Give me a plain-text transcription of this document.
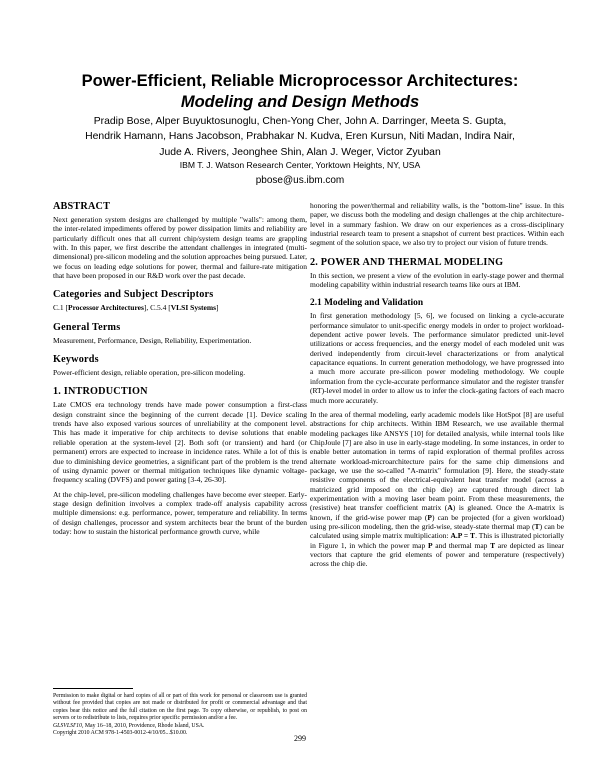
Power-Efficient, Reliable Microprocessor Architectures:
Modeling and Design Methods
Pradip Bose, Alper Buyuktosunoglu, Chen-Yong Cher, John A. Darringer, Meeta S. Gupta,
Hendrik Hamann, Hans Jacobson, Prabhakar N. Kudva, Eren Kursun, Niti Madan, Indira Nair,
Jude A. Rivers, Jeonghee Shin, Alan J. Weger, Victor Zyuban
IBM T. J. Watson Research Center, Yorktown Heights, NY, USA
pbose@us.ibm.com
ABSTRACT

Next generation system designs are challenged by multiple "walls": among them, the inter-related impediments offered by power dissipation limits and reliability are particularly difficult ones that all current chip/system design teams are grappling with. In this paper, we first describe the attendant challenges in integrated (multi-dimensional) pre-silicon modeling and the solution approaches being pursued. Later, we focus on leading edge solutions for power, thermal and failure-rate mitigation that have been proposed in our R&D work over the past decade.

Categories and Subject Descriptors

C.1 [Processor Architectures], C.5.4 [VLSI Systems]

General Terms

Measurement, Performance, Design, Reliability, Experimentation.

Keywords

Power-efficient design, reliable operation, pre-silicon modeling.

1. INTRODUCTION

Late CMOS era technology trends have made power consumption a first-class design constraint since the beginning of the current decade [1]. Device scaling trends have also exposed various sources of unreliability at the component level. This has made it imperative for chip architects to devise solutions that enable reliable operation at the system-level [2]. Both soft (or transient) and hard (or permanent) errors are expected to increase in incidence rates. While a lot of this is due to diminishing device geometries, a significant part of the problem is the trend of using dynamic power or thermal mitigation techniques like dynamic voltage-frequency scaling (DVFS) and power gating [3-4, 26-30].

At the chip-level, pre-silicon modeling challenges have become ever steeper. Early-stage design definition involves a complex trade-off analysis capability across multiple dimensions: e.g. performance, power, temperature and reliability. In terms of design challenges, processor and system architects bear the brunt of the burden today: how to sustain the historical performance growth curve, while

Permission to make digital or hard copies of all or part of this work for personal or classroom use is granted without fee provided that copies are not made or distributed for profit or commercial advantage and that copies bear this notice and the full citation on the first page. To copy otherwise, or republish, to post on servers or to redistribute to lists, requires prior specific permission and/or a fee.

GLSVLSI'10, May 16–18, 2010, Providence, Rhode Island, USA.
Copyright 2010 ACM 978-1-4503-0012-4/10/05...$10.00.

honoring the power/thermal and reliability walls, is the "bottom-line" issue. In this paper, we discuss both the modeling and design challenges at the chip architecture-level in a summary fashion. We draw on our experiences as a cross-disciplinary industrial research team to present a snapshot of current best practices. Within each segment of the solution space, we also try to project our vision of future trends.

2. POWER AND THERMAL MODELING

In this section, we present a view of the evolution in early-stage power and thermal modeling capability within industrial research teams like ours at IBM.

2.1 Modeling and Validation

In first generation methodology [5, 6], we focused on linking a cycle-accurate performance simulator to unit-specific energy models in order to project workload-dependent active power levels. The performance simulator predicted unit-level utilizations or access frequencies, and the energy model of each modeled unit was derived independently from circuit-level characterizations or from analytical capacitance equations. In current generation methodology, we have progressed into a much more accurate pre-silicon power modeling methodology. We couple information from the cycle-accurate performance simulator and the register transfer (RT)-level model in order to allow us to infer the clock-gating factors of each macro much more accurately.

In the area of thermal modeling, early academic models like HotSpot [8] are useful abstractions for chip architects. Within IBM Research, we use available thermal modeling packages like ANSYS [10] for detailed analysis, while internal tools like ChipJoule [7] are also in use in early-stage modeling. In some instances, in order to enable better automation in terms of rapid exploration of thermal profiles across alternate workload-microarchitecture pairs for the same chip dimensions and package, we use the so-called "A-matrix" formulation [9]. Here, the steady-state resistive components of the electrical-equivalent heat transfer model (across a matricized grid imposed on the chip die) are captured through direct lab experimentation with a moving laser beam point. From these measurements, the (resistive) heat transfer coefficient matrix (A) is gleaned. Once the A-matrix is known, if the grid-wise power map (P) can be projected (for a given workload) using pre-silicon modeling, then the grid-wise, steady-state thermal map (T) can be calculated using simple matrix multiplication: A.P = T. This is illustrated pictorially in Figure 1, in which the power map P and thermal map T are depicted as linear vectors that capture the grid elements of power and temperature (respectively) across the chip die.

299
